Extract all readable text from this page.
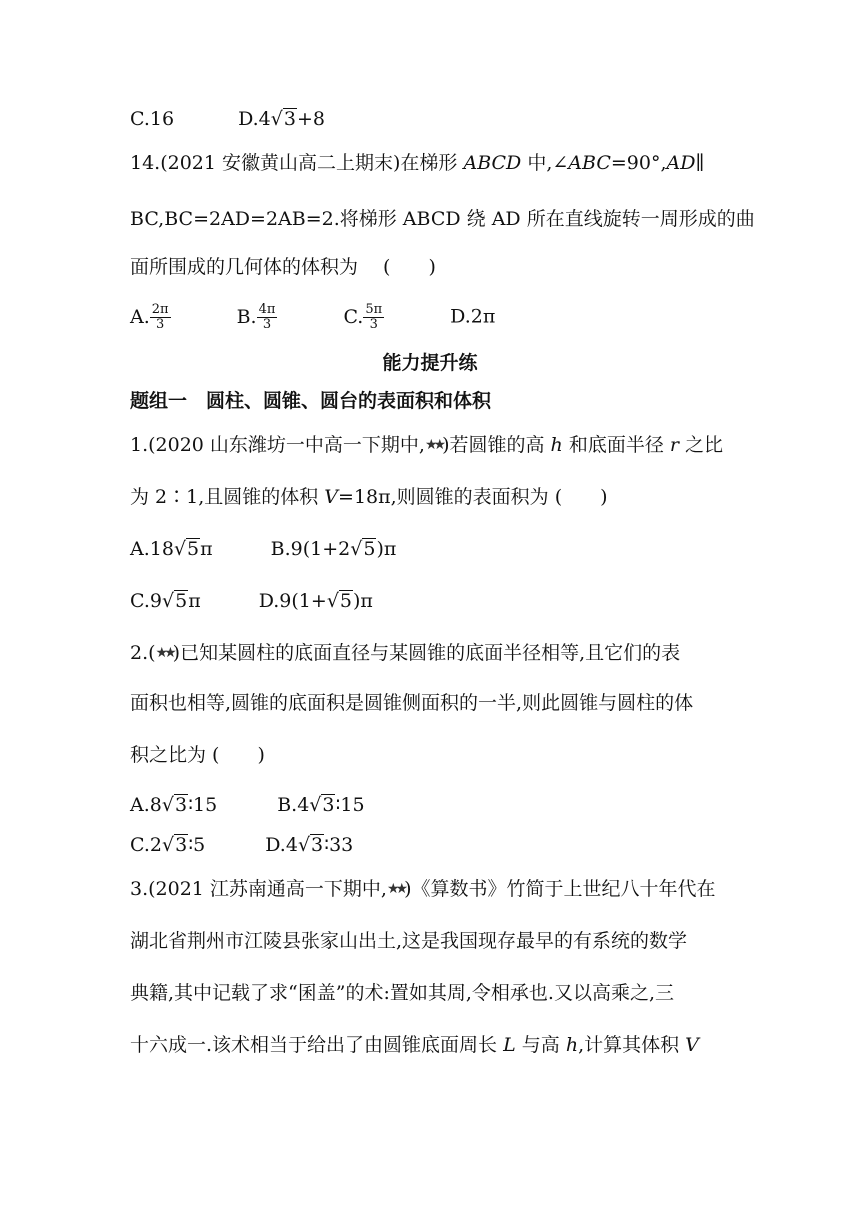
C.16	D.4√3+8
14.(2021 安徽黄山高二上期末)在梯形 ABCD 中,∠ABC=90°,AD∥
BC,BC=2AD=2AB=2.将梯形 ABCD 绕 AD 所在直线旋转一周形成的曲
面所围成的几何体的体积为　 (　　)
A. $\frac{2\pi}{3}$	B. $\frac{4\pi}{3}$	C. $\frac{5\pi}{3}$	D.2π
能力提升练
题组一　圆柱、圆锥、圆台的表面积和体积
1.(2020 山东潍坊一中高一下期中,★★)若圆锥的高 h 和底面半径 r 之比
为 2∶1,且圆锥的体积 V=18π,则圆锥的表面积为 (　　)
A.18√5π	B.9(1+2√5)π
C.9√5π	D.9(1+√5)π
2.(★★)已知某圆柱的底面直径与某圆锥的底面半径相等,且它们的表
面积也相等,圆锥的底面积是圆锥侧面积的一半,则此圆锥与圆柱的体
积之比为 (　　)
A.8√3∶15	B.4√3∶15
C.2√3∶5	D.4√3∶33
3.(2021 江苏南通高一下期中,★★)《算数书》竹简于上世纪八十年代在
湖北省荆州市江陵县张家山出土,这是我国现存最早的有系统的数学
典籍,其中记载了求“囷盖”的术:置如其周,令相承也.又以高乘之,三
十六成一.该术相当于给出了由圆锥底面周长 L 与高 h,计算其体积 V
